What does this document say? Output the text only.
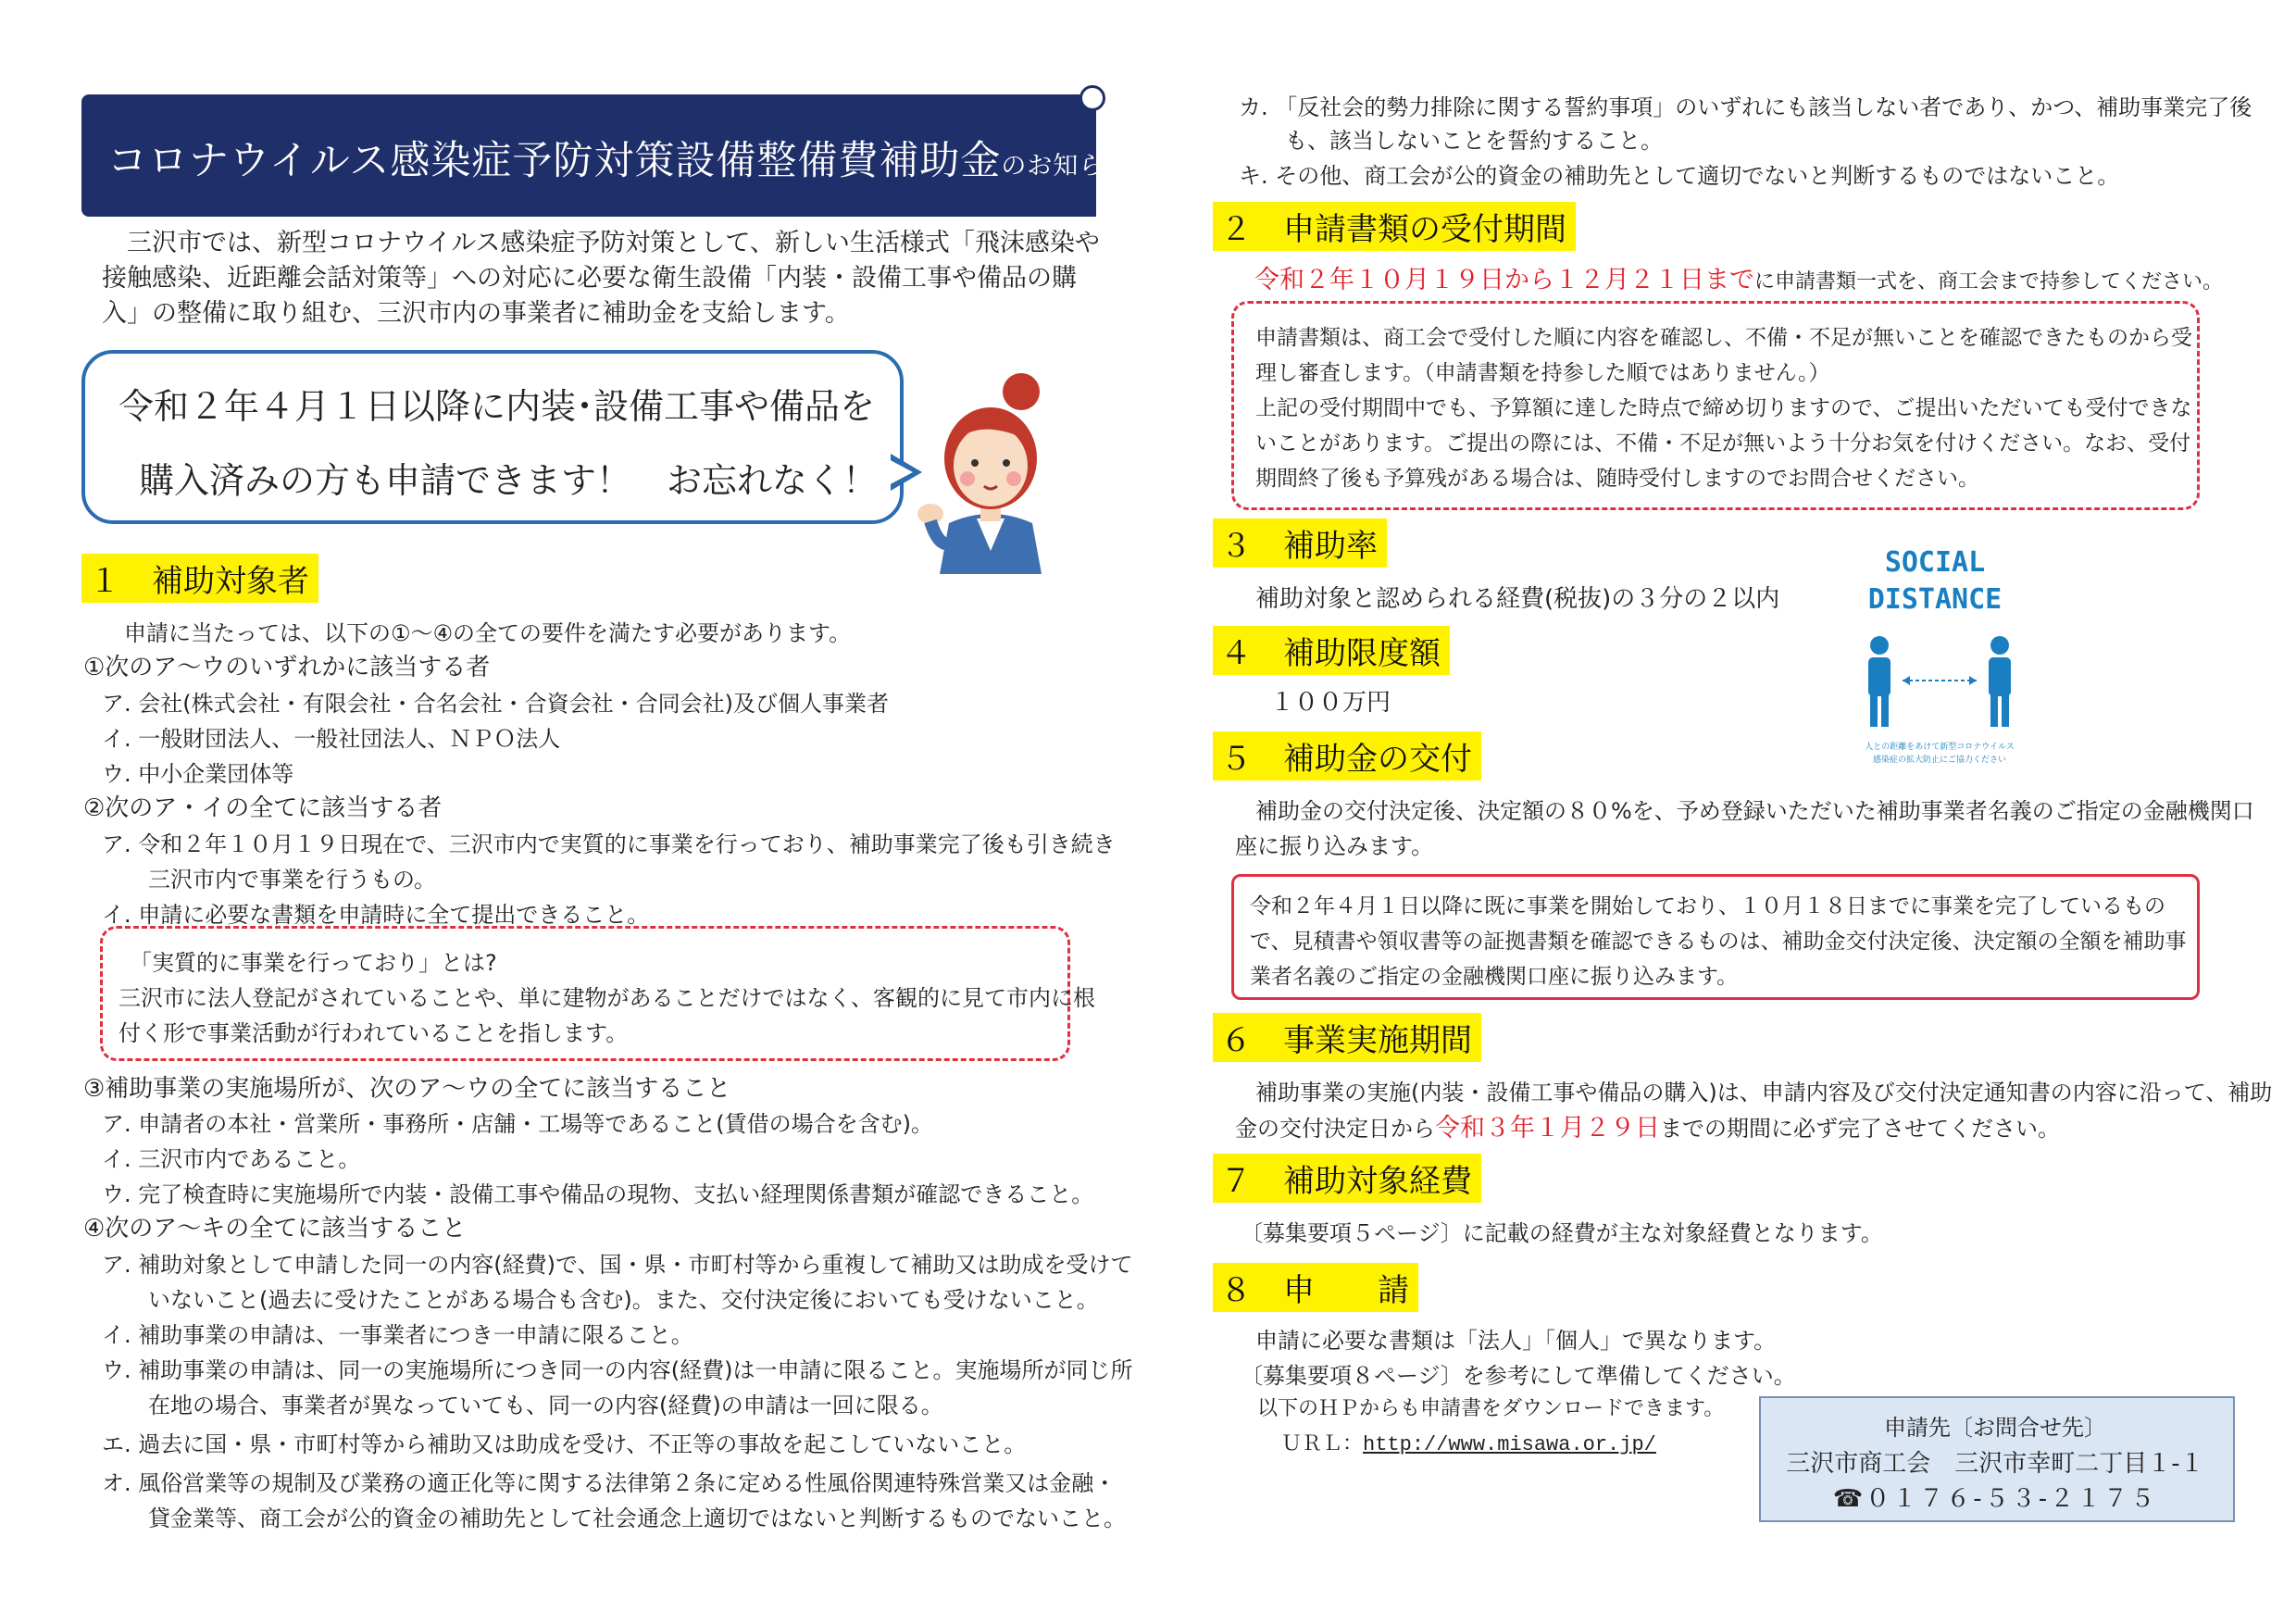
コロナウイルス感染症予防対策設備整備費補助金のお知らせ

三沢市では、新型コロナウイルス感染症予防対策として、新しい生活様式「飛沫感染や

接触感染、近距離会話対策等」への対応に必要な衛生設備「内装・設備工事や備品の購

入」の整備に取り組む、三沢市内の事業者に補助金を支給します。

令和２年４月１日以降に内装･設備工事や備品を
購入済みの方も申請できます！　お忘れなく！
１　補助対象者
申請に当たっては、以下の①～④の全ての要件を満たす必要があります。
①次のア～ウのいずれかに該当する者
ア. 会社(株式会社・有限会社・合名会社・合資会社・合同会社)及び個人事業者
イ. 一般財団法人、一般社団法人、ＮＰＯ法人
ウ. 中小企業団体等
②次のア・イの全てに該当する者
ア. 令和２年１０月１９日現在で、三沢市内で実質的に事業を行っており、補助事業完了後も引き続き
三沢市内で事業を行うもの。
イ. 申請に必要な書類を申請時に全て提出できること。
「実質的に事業を行っており」とは?
三沢市に法人登記がされていることや、単に建物があることだけではなく、客観的に見て市内に根
付く形で事業活動が行われていることを指します。
③補助事業の実施場所が、次のア～ウの全てに該当すること
ア. 申請者の本社・営業所・事務所・店舗・工場等であること(賃借の場合を含む)。
イ. 三沢市内であること。
ウ. 完了検査時に実施場所で内装・設備工事や備品の現物、支払い経理関係書類が確認できること。
④次のア～キの全てに該当すること
ア. 補助対象として申請した同一の内容(経費)で、国・県・市町村等から重複して補助又は助成を受けて
いないこと(過去に受けたことがある場合も含む)。また、交付決定後においても受けないこと。
イ. 補助事業の申請は、一事業者につき一申請に限ること。
ウ. 補助事業の申請は、同一の実施場所につき同一の内容(経費)は一申請に限ること。実施場所が同じ所
在地の場合、事業者が異なっていても、同一の内容(経費)の申請は一回に限る。
エ. 過去に国・県・市町村等から補助又は助成を受け、不正等の事故を起こしていないこと。
オ. 風俗営業等の規制及び業務の適正化等に関する法律第２条に定める性風俗関連特殊営業又は金融・
貸金業等、商工会が公的資金の補助先として社会通念上適切ではないと判断するものでないこと。
カ. 「反社会的勢力排除に関する誓約事項」のいずれにも該当しない者であり、かつ、補助事業完了後
も、該当しないことを誓約すること。
キ. その他、商工会が公的資金の補助先として適切でないと判断するものではないこと。
２　申請書類の受付期間
令和２年１０月１９日から１２月２１日までに申請書類一式を、商工会まで持参してください。
申請書類は、商工会で受付した順に内容を確認し、不備・不足が無いことを確認できたものから受
理し審査します。（申請書類を持参した順ではありません。）
上記の受付期間中でも、予算額に達した時点で締め切りますので、ご提出いただいても受付できな
いことがあります。ご提出の際には、不備・不足が無いよう十分お気を付けください。なお、受付
期間終了後も予算残がある場合は、随時受付しますのでお問合せください。
３　補助率
補助対象と認められる経費(税抜)の３分の２以内
SOCIAL
DISTANCE
人との距離をあけて新型コロナウイルス
感染症の拡大防止にご協力ください
４　補助限度額
１００万円
５　補助金の交付
補助金の交付決定後、決定額の８０%を、予め登録いただいた補助事業者名義のご指定の金融機関口
座に振り込みます。
令和２年４月１日以降に既に事業を開始しており、１０月１８日までに事業を完了しているもの
で、見積書や領収書等の証拠書類を確認できるものは、補助金交付決定後、決定額の全額を補助事
業者名義のご指定の金融機関口座に振り込みます。
６　事業実施期間
補助事業の実施(内装・設備工事や備品の購入)は、申請内容及び交付決定通知書の内容に沿って、補助
金の交付決定日から令和３年１月２９日までの期間に必ず完了させてください。
７　補助対象経費
〔募集要項５ページ〕に記載の経費が主な対象経費となります。
８　申　　請
申請に必要な書類は「法人」「個人」で異なります。
〔募集要項８ページ〕を参考にして準備してください。
以下のＨＰからも申請書をダウンロードできます。
ＵＲＬ：http://www.misawa.or.jp/
申請先〔お問合せ先〕
三沢市商工会　三沢市幸町二丁目１-１
☎０１７６-５３-２１７５
